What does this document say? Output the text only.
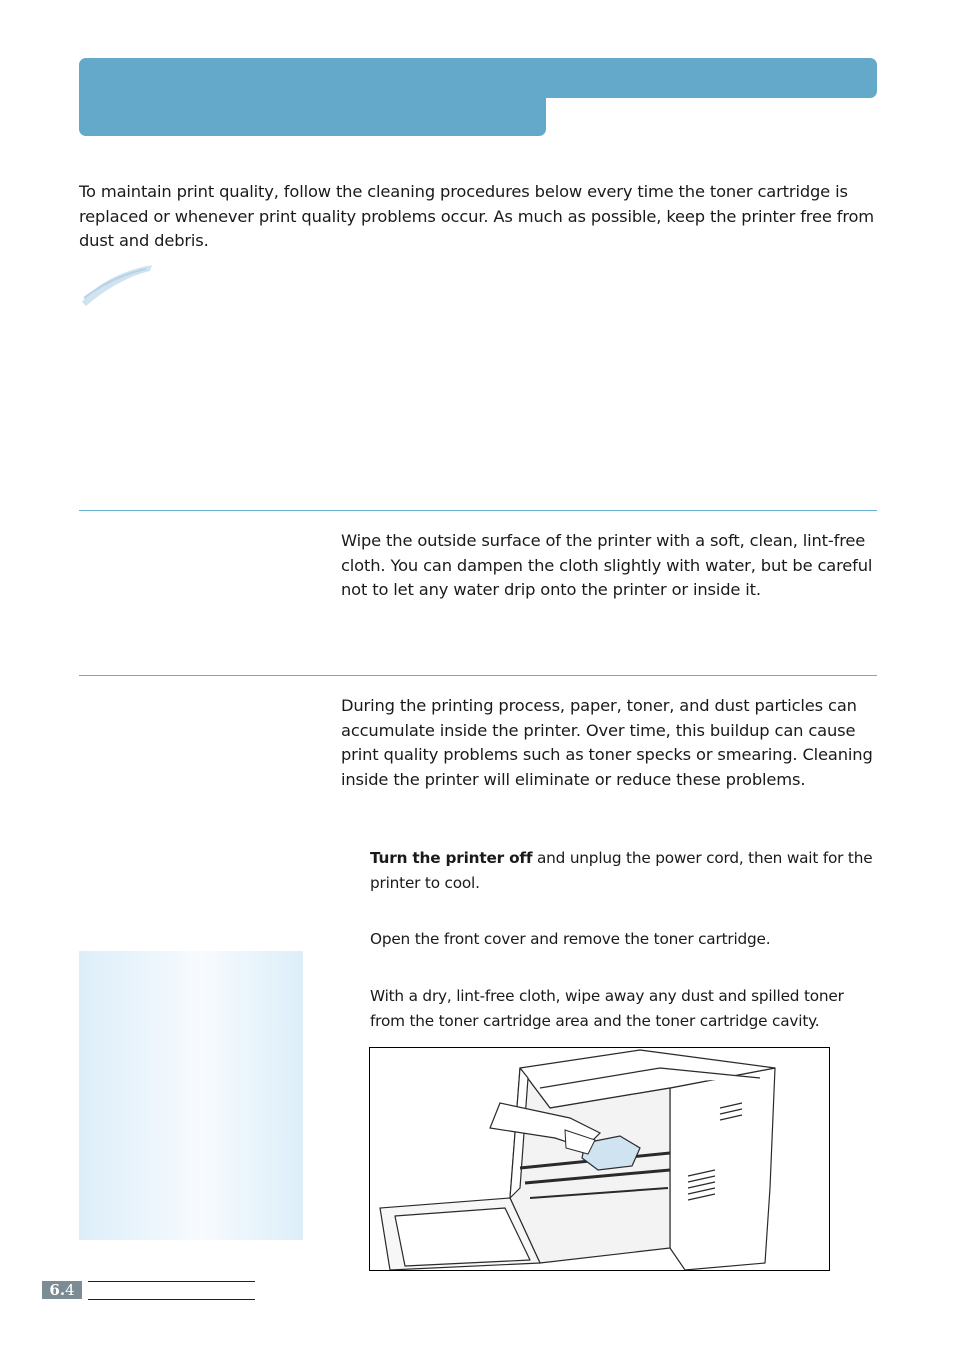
To maintain print quality, follow the cleaning procedures below every time the toner cartridge is replaced or whenever print quality problems occur. As much as possible, keep the printer free from dust and debris.

Wipe the outside surface of the printer with a soft, clean, lint-free cloth. You can dampen the cloth slightly with water, but be careful not to let any water drip onto the printer or inside it.

During the printing process, paper, toner, and dust particles can accumulate inside the printer. Over time, this buildup can cause print quality problems such as toner specks or smearing. Cleaning inside the printer will eliminate or reduce these problems.

Turn the printer off and unplug the power cord, then wait for the printer to cool.

Open the front cover and remove the toner cartridge.

With a dry, lint-free cloth, wipe away any dust and spilled toner from the toner cartridge area and the toner cartridge cavity.

6.4
